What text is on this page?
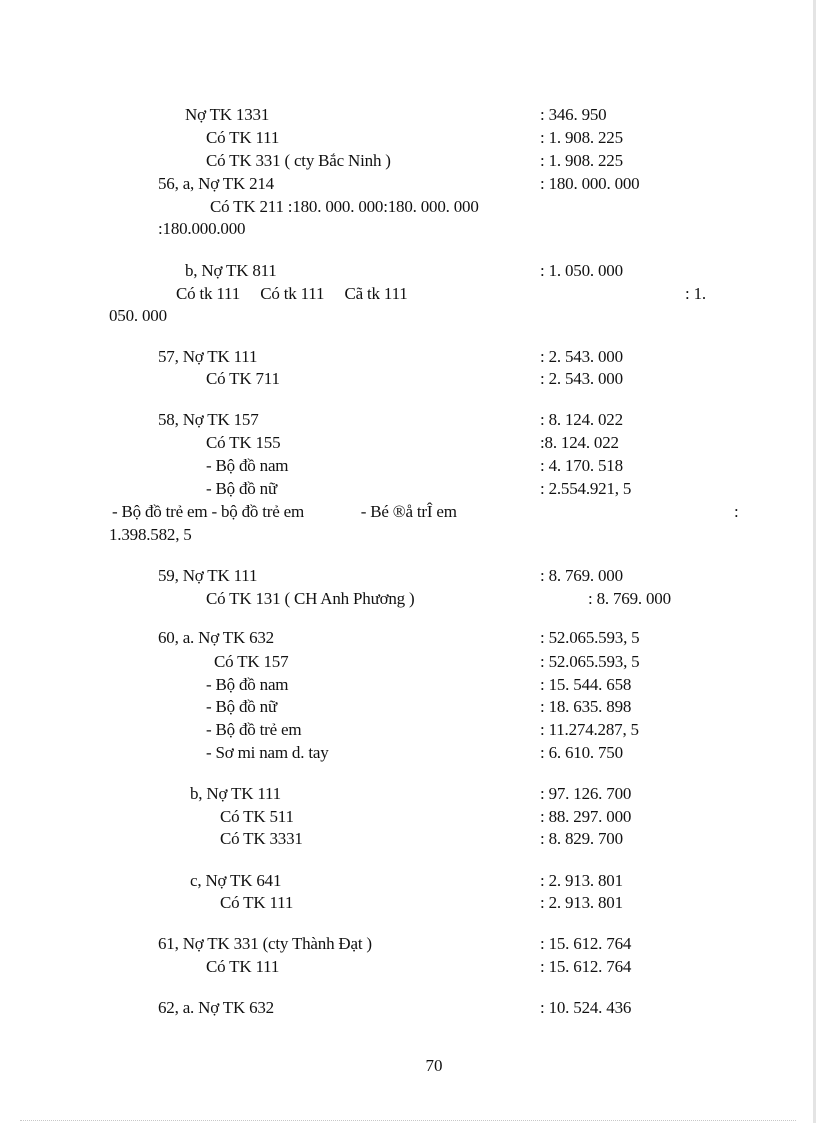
Nợ TK 1331	: 346. 950
Có TK 111	: 1. 908. 225
Có TK 331 ( cty Bắc Ninh )	: 1. 908. 225
56, a, Nợ TK 214	: 180. 000. 000
Có TK 211 :180. 000. 000:180. 000. 000
:180.000.000
b, Nợ TK 811	: 1. 050. 000
Có tk 111     Có tk 111     Cã tk 111	: 1.
050. 000
57, Nợ TK 111	: 2. 543. 000
Có TK 711	: 2. 543. 000
58, Nợ TK 157	: 8. 124. 022
Có TK 155	:8. 124. 022
- Bộ đồ nam	: 4. 170. 518
- Bộ đồ nữ	: 2.554.921, 5
- Bộ đồ trẻ em - bộ đồ trẻ em              - Bé ®å trÎ em	:
1.398.582, 5
59, Nợ TK 111	: 8. 769. 000
Có TK 131 ( CH Anh Phương )	: 8. 769. 000
60, a. Nợ TK 632	: 52.065.593, 5
Có TK 157	: 52.065.593, 5
- Bộ đồ nam	: 15. 544. 658
- Bộ đồ nữ	: 18. 635. 898
- Bộ đồ trẻ em	: 11.274.287, 5
- Sơ mi nam d. tay	: 6. 610. 750
b, Nợ TK 111	: 97. 126. 700
Có TK 511	: 88. 297. 000
Có TK 3331	: 8. 829. 700
c, Nợ TK 641	: 2. 913. 801
Có TK 111	: 2. 913. 801
61, Nợ TK 331 (cty Thành Đạt )	: 15. 612. 764
Có TK 111	: 15. 612. 764
62, a. Nợ TK 632	: 10. 524. 436
70
